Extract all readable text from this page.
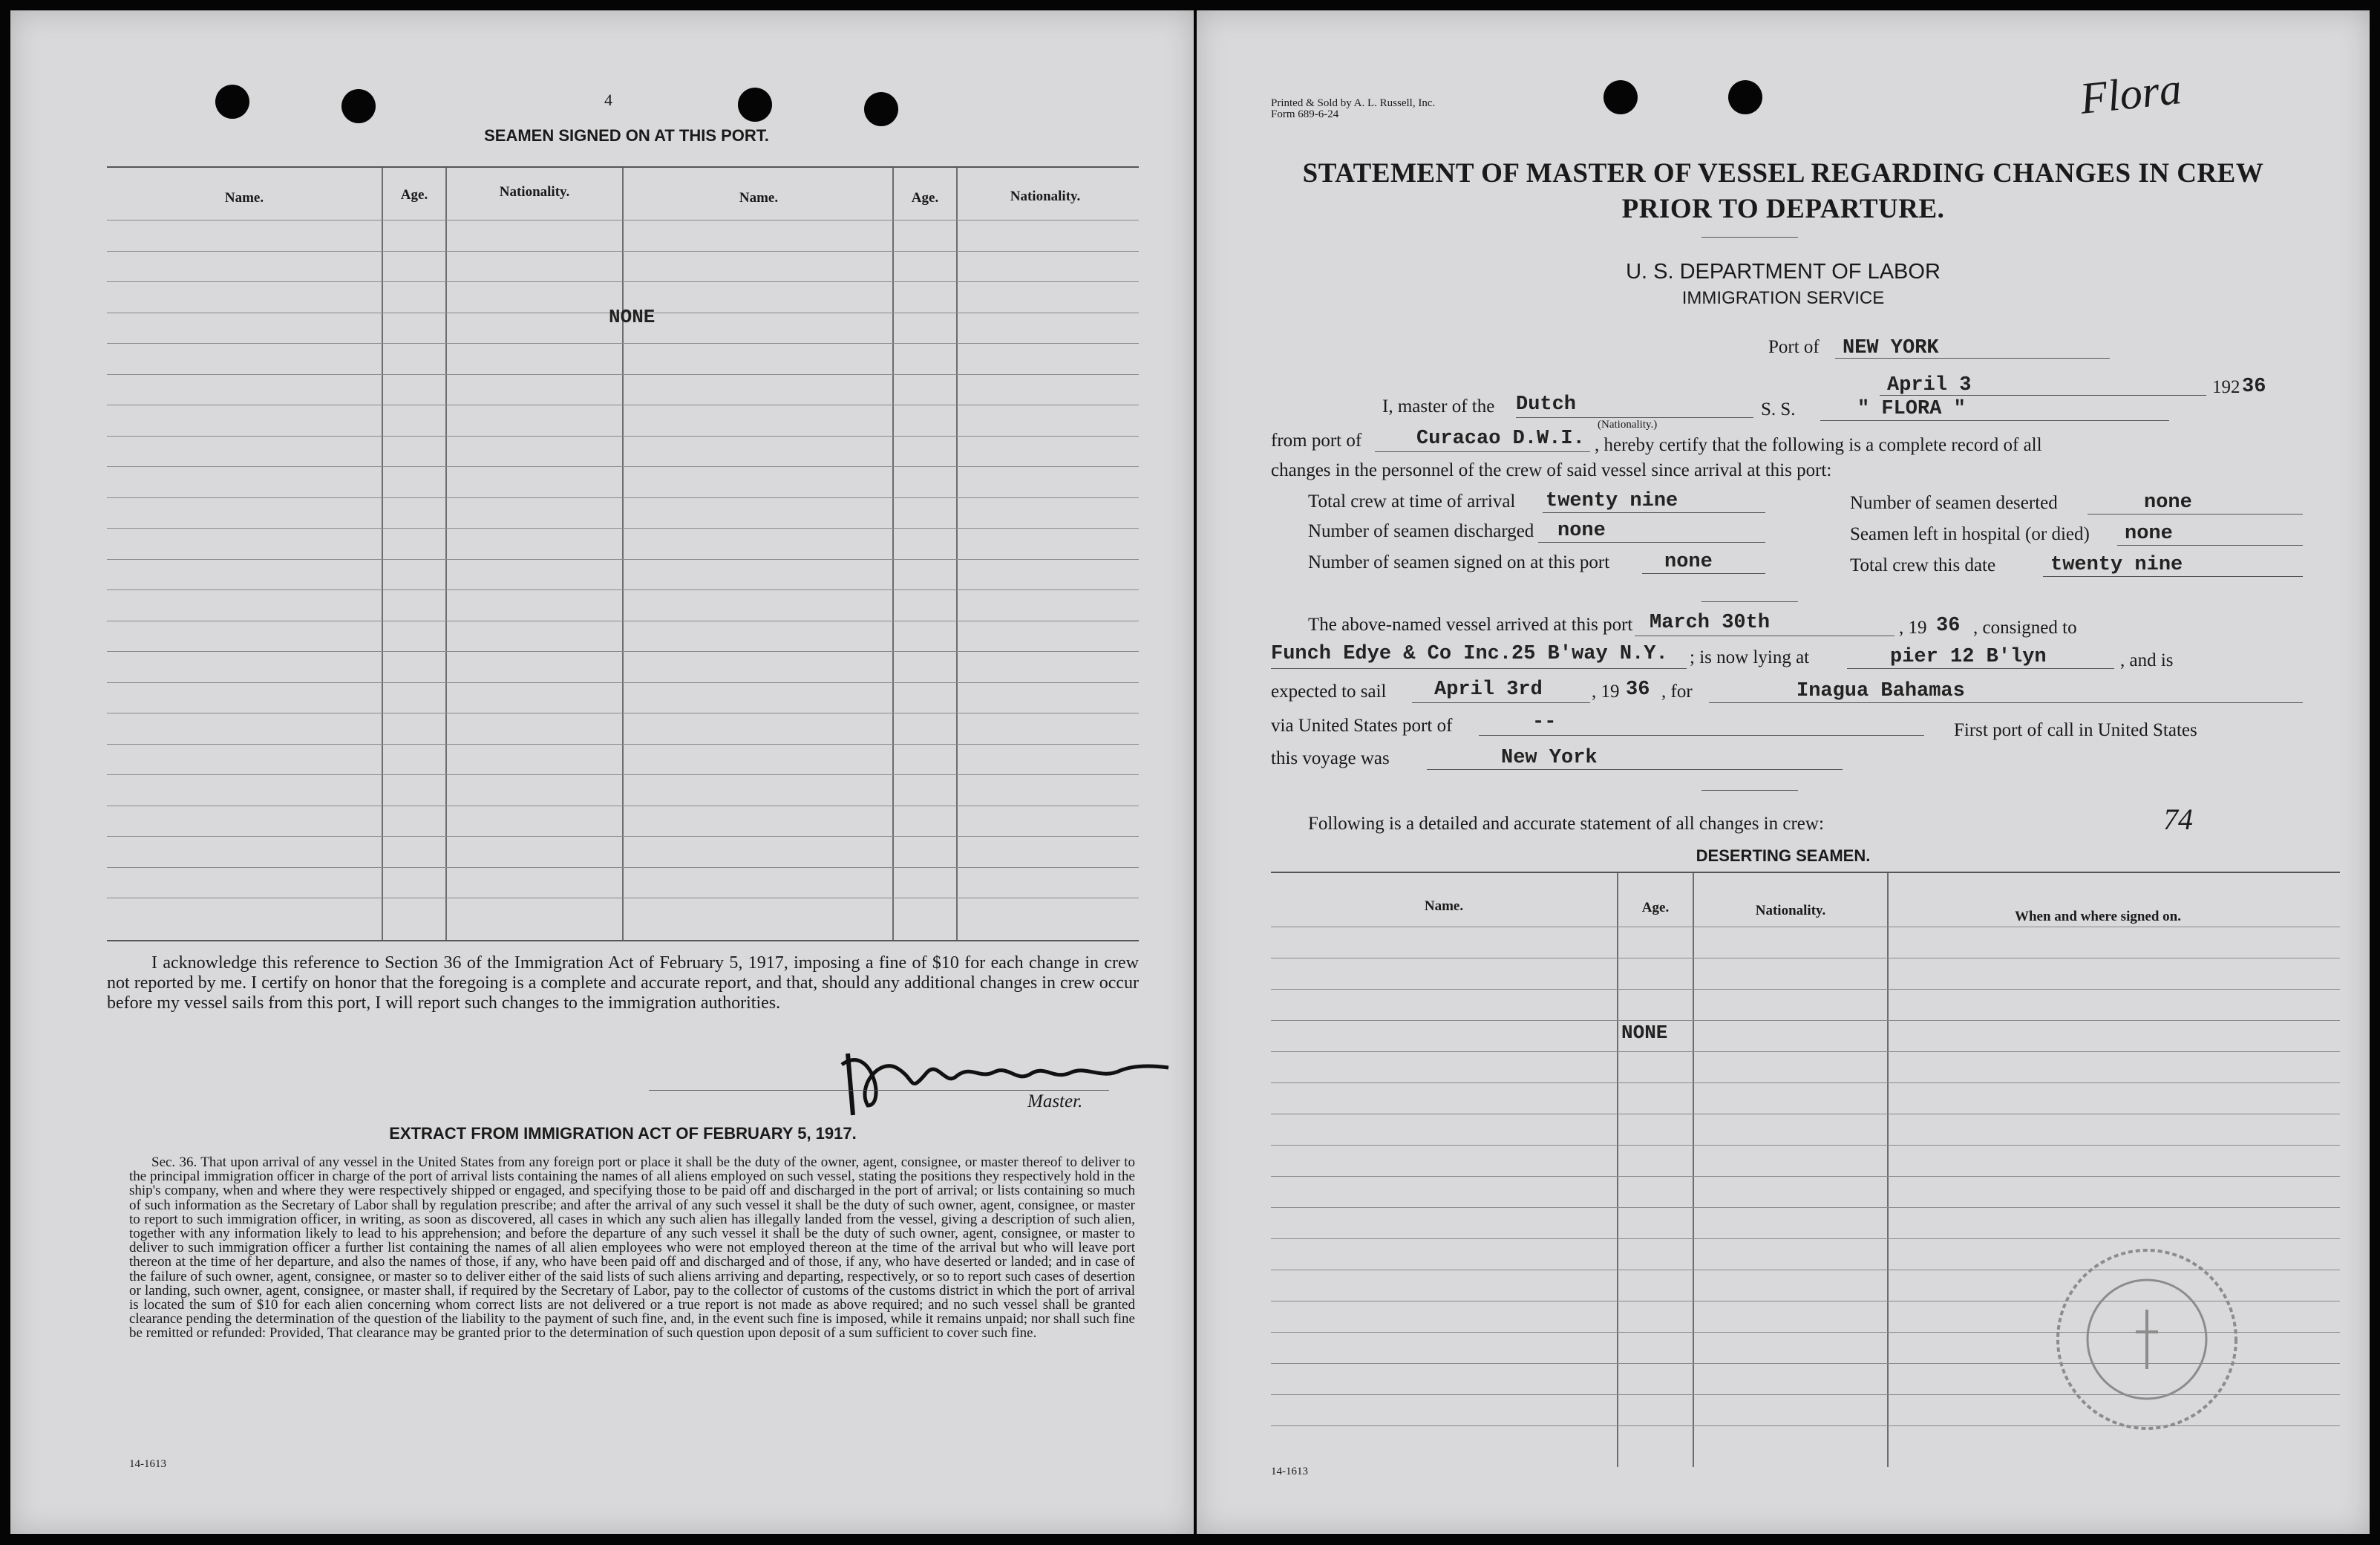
4
SEAMEN SIGNED ON AT THIS PORT.
Name.	Age.	Nationality.	Name.	Age.	Nationality.
NONE
I acknowledge this reference to Section 36 of the Immigration Act of February 5, 1917, imposing a fine of $10 for each change in crew not reported by me. I certify on honor that the foregoing is a complete and accurate report, and that, should any additional changes in crew occur before my vessel sails from this port, I will report such changes to the immigration authorities.
Master.
EXTRACT FROM IMMIGRATION ACT OF FEBRUARY 5, 1917.
Sec. 36. That upon arrival of any vessel in the United States from any foreign port or place it shall be the duty of the owner, agent, consignee, or master thereof to deliver to the principal immigration officer in charge of the port of arrival lists containing the names of all aliens employed on such vessel, stating the positions they respectively hold in the ship's company, when and where they were respectively shipped or engaged, and specifying those to be paid off and discharged in the port of arrival; or lists containing so much of such information as the Secretary of Labor shall by regulation prescribe; and after the arrival of any such vessel it shall be the duty of such owner, agent, consignee, or master to report to such immigration officer, in writing, as soon as discovered, all cases in which any such alien has illegally landed from the vessel, giving a description of such alien, together with any information likely to lead to his apprehension; and before the departure of any such vessel it shall be the duty of such owner, agent, consignee, or master to deliver to such immigration officer a further list containing the names of all alien employees who were not employed thereon at the time of the arrival but who will leave port thereon at the time of her departure, and also the names of those, if any, who have been paid off and discharged and of those, if any, who have deserted or landed; and in case of the failure of such owner, agent, consignee, or master so to deliver either of the said lists of such aliens arriving and departing, respectively, or so to report such cases of desertion or landing, such owner, agent, consignee, or master shall, if required by the Secretary of Labor, pay to the collector of customs of the customs district in which the port of arrival is located the sum of $10 for each alien concerning whom correct lists are not delivered or a true report is not made as above required; and no such vessel shall be granted clearance pending the determination of the question of the liability to the payment of such fine, and, in the event such fine is imposed, while it remains unpaid; nor shall such fine be remitted or refunded: Provided, That clearance may be granted prior to the determination of such question upon deposit of a sum sufficient to cover such fine.
14-1613
Printed & Sold by A. L. Russell, Inc.
Form 689-6-24	Flora
STATEMENT OF MASTER OF VESSEL REGARDING CHANGES IN CREW
PRIOR TO DEPARTURE.
U. S. DEPARTMENT OF LABOR
IMMIGRATION SERVICE
Port of NEW YORK
April 3	192 36
I, master of the Dutch
(Nationality.)
S. S.	" FLORA "
from port of	Curacao D.W.I. , hereby certify that the following is a complete record of all
changes in the personnel of the crew of said vessel since arrival at this port:
Total crew at time of arrival twenty nine
Number of seamen discharged none
Number of seamen signed on at this port	none
Number of seamen deserted	none
Seamen left in hospital (or died) none
Total crew this date	twenty nine
The above-named vessel arrived at this port March 30th	, 19 36 , consigned to
Funch Edye & Co Inc.25 B'way N.Y. ; is now lying at	pier 12 B'lyn	, and is
expected to sail April 3rd	, 19 36 , for	Inagua Bahamas
via United States port of	--	First port of call in United States
this voyage was	New York
Following is a detailed and accurate statement of all changes in crew:	74
DESERTING SEAMEN.
Name.	Age.	Nationality.	When and where signed on.
NONE
14-1613
